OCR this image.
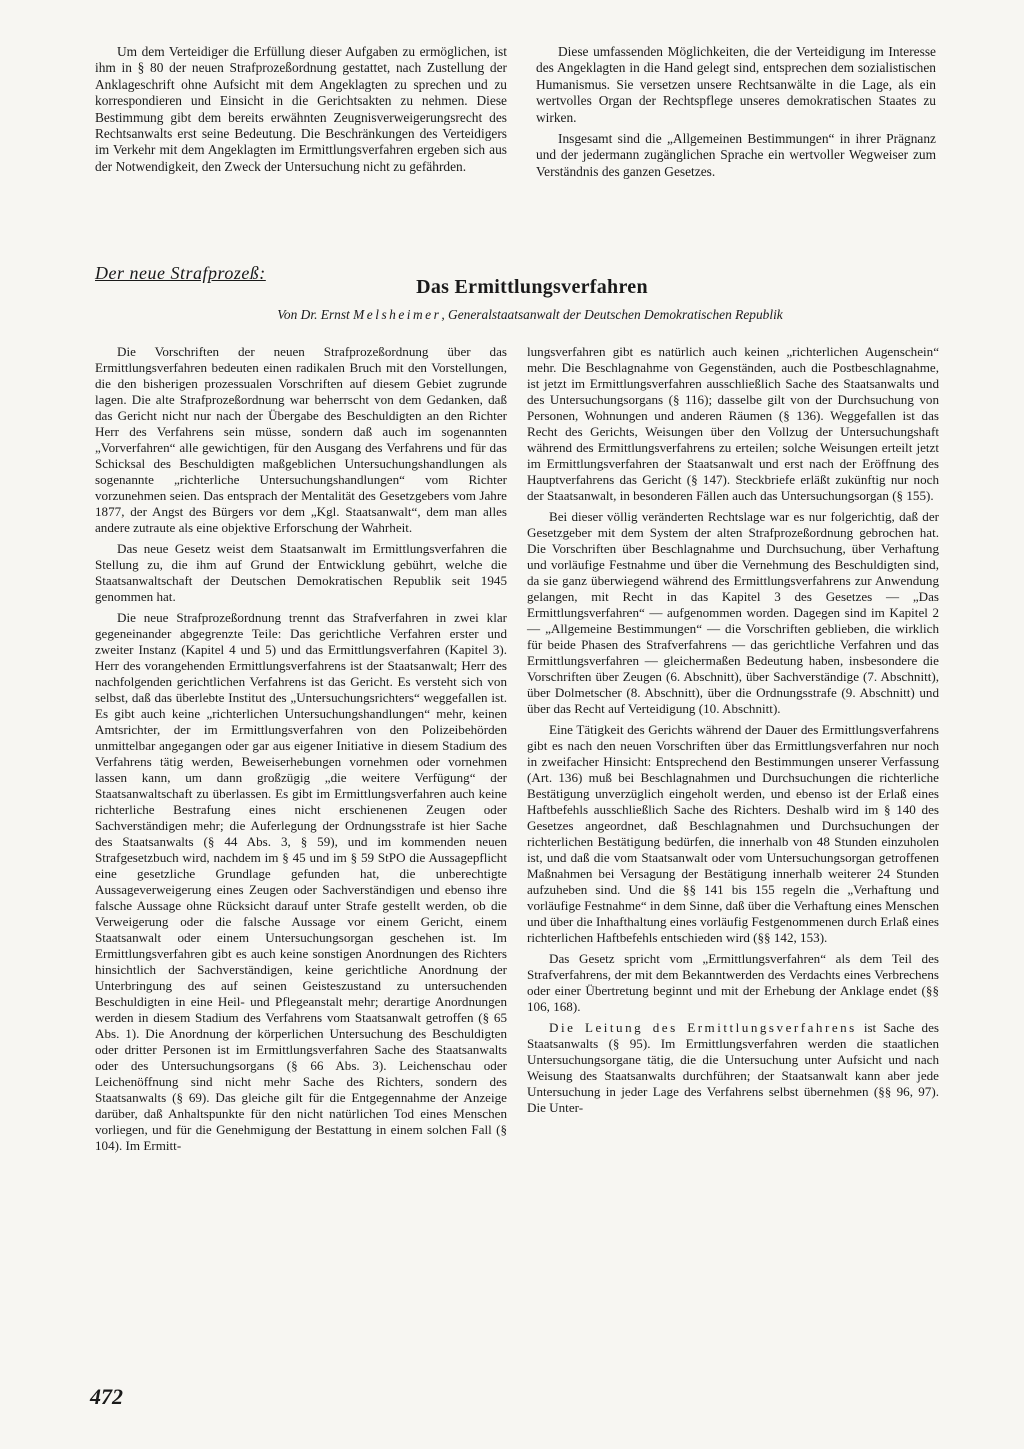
Um dem Verteidiger die Erfüllung dieser Aufgaben zu ermöglichen, ist ihm in § 80 der neuen Strafprozeßordnung gestattet, nach Zustellung der Anklageschrift ohne Aufsicht mit dem Angeklagten zu sprechen und zu korrespondieren und Einsicht in die Gerichtsakten zu nehmen. Diese Bestimmung gibt dem bereits erwähnten Zeugnisverweigerungsrecht des Rechtsanwalts erst seine Bedeutung. Die Beschränkungen des Verteidigers im Verkehr mit dem Angeklagten im Ermittlungsverfahren ergeben sich aus der Notwendigkeit, den Zweck der Untersuchung nicht zu gefährden.

Diese umfassenden Möglichkeiten, die der Verteidigung im Interesse des Angeklagten in die Hand gelegt sind, entsprechen dem sozialistischen Humanismus. Sie versetzen unsere Rechtsanwälte in die Lage, als ein wertvolles Organ der Rechtspflege unseres demokratischen Staates zu wirken.

Insgesamt sind die „Allgemeinen Bestimmungen“ in ihrer Prägnanz und der jedermann zugänglichen Sprache ein wertvoller Wegweiser zum Verständnis des ganzen Gesetzes.

Der neue Strafprozeß:
Das Ermittlungsverfahren
Von Dr. Ernst Melsheimer, Generalstaatsanwalt der Deutschen Demokratischen Republik

Die Vorschriften der neuen Strafprozeßordnung über das Ermittlungsverfahren bedeuten einen radikalen Bruch mit den Vorstellungen, die den bisherigen prozessualen Vorschriften auf diesem Gebiet zugrunde lagen. Die alte Strafprozeßordnung war beherrscht von dem Gedanken, daß das Gericht nicht nur nach der Übergabe des Beschuldigten an den Richter Herr des Verfahrens sein müsse, sondern daß auch im sogenannten „Vorverfahren“ alle gewichtigen, für den Ausgang des Verfahrens und für das Schicksal des Beschuldigten maßgeblichen Untersuchungshandlungen als sogenannte „richterliche Untersuchungshandlungen“ vom Richter vorzunehmen seien. Das entsprach der Mentalität des Gesetzgebers vom Jahre 1877, der Angst des Bürgers vor dem „Kgl. Staatsanwalt“, dem man alles andere zutraute als eine objektive Erforschung der Wahrheit.

Das neue Gesetz weist dem Staatsanwalt im Ermittlungsverfahren die Stellung zu, die ihm auf Grund der Entwicklung gebührt, welche die Staatsanwaltschaft der Deutschen Demokratischen Republik seit 1945 genommen hat.

Die neue Strafprozeßordnung trennt das Strafverfahren in zwei klar gegeneinander abgegrenzte Teile: Das gerichtliche Verfahren erster und zweiter Instanz (Kapitel 4 und 5) und das Ermittlungsverfahren (Kapitel 3). Herr des vorangehenden Ermittlungsverfahrens ist der Staatsanwalt; Herr des nachfolgenden gerichtlichen Verfahrens ist das Gericht. Es versteht sich von selbst, daß das überlebte Institut des „Untersuchungsrichters“ weggefallen ist. Es gibt auch keine „richterlichen Untersuchungshandlungen“ mehr, keinen Amtsrichter, der im Ermittlungsverfahren von den Polizeibehörden unmittelbar angegangen oder gar aus eigener Initiative in diesem Stadium des Verfahrens tätig werden, Beweiserhebungen vornehmen oder vornehmen lassen kann, um dann großzügig „die weitere Verfügung“ der Staatsanwaltschaft zu überlassen. Es gibt im Ermittlungsverfahren auch keine richterliche Bestrafung eines nicht erschienenen Zeugen oder Sachverständigen mehr; die Auferlegung der Ordnungsstrafe ist hier Sache des Staatsanwalts (§ 44 Abs. 3, § 59), und im kommenden neuen Strafgesetzbuch wird, nachdem im § 45 und im § 59 StPO die Aussagepflicht eine gesetzliche Grundlage gefunden hat, die unberechtigte Aussageverweigerung eines Zeugen oder Sachverständigen und ebenso ihre falsche Aussage ohne Rücksicht darauf unter Strafe gestellt werden, ob die Verweigerung oder die falsche Aussage vor einem Gericht, einem Staatsanwalt oder einem Untersuchungsorgan geschehen ist. Im Ermittlungsverfahren gibt es auch keine sonstigen Anordnungen des Richters hinsichtlich der Sachverständigen, keine gerichtliche Anordnung der Unterbringung des auf seinen Geisteszustand zu untersuchenden Beschuldigten in eine Heil- und Pflegeanstalt mehr; derartige Anordnungen werden in diesem Stadium des Verfahrens vom Staatsanwalt getroffen (§ 65 Abs. 1). Die Anordnung der körperlichen Untersuchung des Beschuldigten oder dritter Personen ist im Ermittlungsverfahren Sache des Staatsanwalts oder des Untersuchungsorgans (§ 66 Abs. 3). Leichenschau oder Leichenöffnung sind nicht mehr Sache des Richters, sondern des Staatsanwalts (§ 69). Das gleiche gilt für die Entgegennahme der Anzeige darüber, daß Anhaltspunkte für den nicht natürlichen Tod eines Menschen vorliegen, und für die Genehmigung der Bestattung in einem solchen Fall (§ 104). Im Ermitt-

lungsverfahren gibt es natürlich auch keinen „richterlichen Augenschein“ mehr. Die Beschlagnahme von Gegenständen, auch die Postbeschlagnahme, ist jetzt im Ermittlungsverfahren ausschließlich Sache des Staatsanwalts und des Untersuchungsorgans (§ 116); dasselbe gilt von der Durchsuchung von Personen, Wohnungen und anderen Räumen (§ 136). Weggefallen ist das Recht des Gerichts, Weisungen über den Vollzug der Untersuchungshaft während des Ermittlungsverfahrens zu erteilen; solche Weisungen erteilt jetzt im Ermittlungsverfahren der Staatsanwalt und erst nach der Eröffnung des Hauptverfahrens das Gericht (§ 147). Steckbriefe erläßt zukünftig nur noch der Staatsanwalt, in besonderen Fällen auch das Untersuchungsorgan (§ 155).

Bei dieser völlig veränderten Rechtslage war es nur folgerichtig, daß der Gesetzgeber mit dem System der alten Strafprozeßordnung gebrochen hat. Die Vorschriften über Beschlagnahme und Durchsuchung, über Verhaftung und vorläufige Festnahme und über die Vernehmung des Beschuldigten sind, da sie ganz überwiegend während des Ermittlungsverfahrens zur Anwendung gelangen, mit Recht in das Kapitel 3 des Gesetzes — „Das Ermittlungsverfahren“ — aufgenommen worden. Dagegen sind im Kapitel 2 — „Allgemeine Bestimmungen“ — die Vorschriften geblieben, die wirklich für beide Phasen des Strafverfahrens — das gerichtliche Verfahren und das Ermittlungsverfahren — gleichermaßen Bedeutung haben, insbesondere die Vorschriften über Zeugen (6. Abschnitt), über Sachverständige (7. Abschnitt), über Dolmetscher (8. Abschnitt), über die Ordnungsstrafe (9. Abschnitt) und über das Recht auf Verteidigung (10. Abschnitt).

Eine Tätigkeit des Gerichts während der Dauer des Ermittlungsverfahrens gibt es nach den neuen Vorschriften über das Ermittlungsverfahren nur noch in zweifacher Hinsicht: Entsprechend den Bestimmungen unserer Verfassung (Art. 136) muß bei Beschlagnahmen und Durchsuchungen die richterliche Bestätigung unverzüglich eingeholt werden, und ebenso ist der Erlaß eines Haftbefehls ausschließlich Sache des Richters. Deshalb wird im § 140 des Gesetzes angeordnet, daß Beschlagnahmen und Durchsuchungen der richterlichen Bestätigung bedürfen, die innerhalb von 48 Stunden einzuholen ist, und daß die vom Staatsanwalt oder vom Untersuchungsorgan getroffenen Maßnahmen bei Versagung der Bestätigung innerhalb weiterer 24 Stunden aufzuheben sind. Und die §§ 141 bis 155 regeln die „Verhaftung und vorläufige Festnahme“ in dem Sinne, daß über die Verhaftung eines Menschen und über die Inhafthaltung eines vorläufig Festgenommenen durch Erlaß eines richterlichen Haftbefehls entschieden wird (§§ 142, 153).

Das Gesetz spricht vom „Ermittlungsverfahren“ als dem Teil des Strafverfahrens, der mit dem Bekanntwerden des Verdachts eines Verbrechens oder einer Übertretung beginnt und mit der Erhebung der Anklage endet (§§ 106, 168).

Die Leitung des Ermittlungsverfahrens ist Sache des Staatsanwalts (§ 95). Im Ermittlungsverfahren werden die staatlichen Untersuchungsorgane tätig, die die Untersuchung unter Aufsicht und nach Weisung des Staatsanwalts durchführen; der Staatsanwalt kann aber jede Untersuchung in jeder Lage des Verfahrens selbst übernehmen (§§ 96, 97). Die Unter-

472
